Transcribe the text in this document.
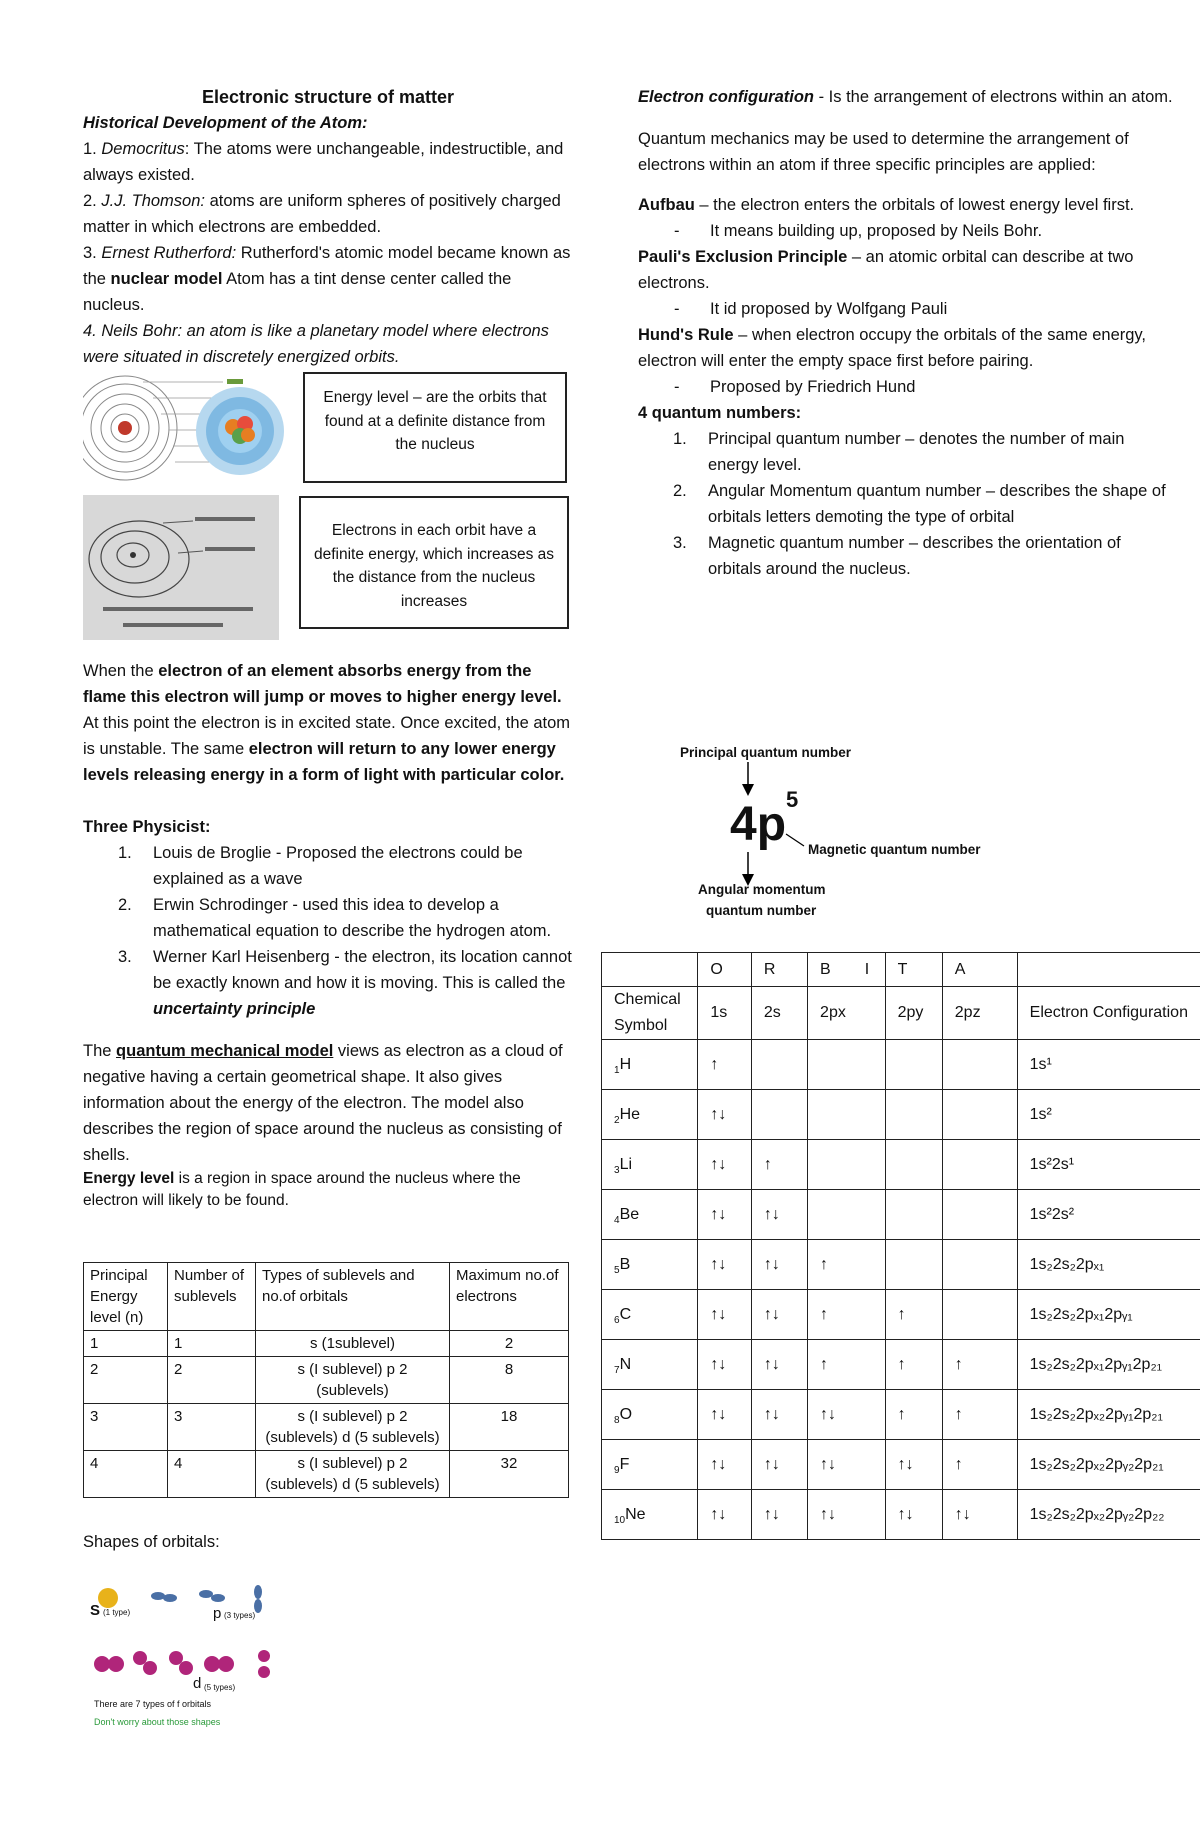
Electronic structure of matter

Historical Development of the Atom:

1. Democritus: The atoms were unchangeable, indestructible, and always existed.

2. J.J. Thomson: atoms are uniform spheres of positively charged matter in which electrons are embedded.

3. Ernest Rutherford: Rutherford's atomic model became known as the nuclear model Atom has a tint dense center called the nucleus.

4. Neils Bohr: an atom is like a planetary model where electrons were situated in discretely energized orbits.

Energy level – are the orbits that found at a definite distance from the nucleus
Electrons in each orbit have a definite energy, which increases as the distance from the nucleus increases

When the electron of an element absorbs energy from the flame this electron will jump or moves to higher energy level. At this point the electron is in excited state. Once excited, the atom is unstable. The same electron will return to any lower energy levels releasing energy in a form of light with particular color.

Three Physicist:

1.	Louis de Broglie - Proposed the electrons could be explained as a wave
2.	Erwin Schrodinger - used this idea to develop a mathematical equation to describe the hydrogen atom.
3.	Werner Karl Heisenberg - the electron, its location cannot be exactly known and how it is moving. This is called the uncertainty principle

The quantum mechanical model views as electron as a cloud of negative having a certain geometrical shape. It also gives information about the energy of the electron. The model also describes the region of space around the nucleus as consisting of shells.

Energy level is a region in space around the nucleus where the electron will likely to be found.

Principal Energy level (n)	Number of sublevels	Types of sublevels and no.of orbitals	Maximum no.of electrons
1	1	s (1sublevel)	2
2	2	s (I sublevel) p 2 (sublevels)	8
3	3	s (I sublevel) p 2 (sublevels) d (5 sublevels)	18
4	4	s (I sublevel) p 2 (sublevels) d (5 sublevels)	32

Shapes of orbitals:

S (1 type)	p (3 types)
d (5 types)
There are 7 types of f orbitals
Don't worry about those shapes

Electron configuration - Is the arrangement of electrons within an atom.

Quantum mechanics may be used to determine the arrangement of electrons within an atom if three specific principles are applied:

Aufbau – the electron enters the orbitals of lowest energy level first.

-	It means building up, proposed by Neils Bohr.

Pauli's Exclusion Principle – an atomic orbital can describe at two electrons.

-	It id proposed by Wolfgang Pauli

Hund's Rule – when electron occupy the orbitals of the same energy, electron will enter the empty space first before pairing.

-	Proposed by Friedrich Hund

4 quantum numbers:

1.	Principal quantum number – denotes the number of main energy level.
2.	Angular Momentum quantum number – describes the shape of orbitals letters demoting the type of orbital
3.	Magnetic quantum number – describes the orientation of orbitals around the nucleus.
Principal quantum number
4p 5
Magnetic quantum number
Angular momentum
quantum number
	O	R	B I	T	A	
Chemical Symbol	1s	2s	2px	2py	2pz	Electron Configuration
$_1$H	↑					1s¹
$_2$He	↑↓					1s²
$_3$Li	↑↓	↑				1s²2s¹
$_4$Be	↑↓	↑↓				1s²2s²
$_5$B	↑↓	↑↓	↑			1s₂2s₂2pₓ₁
$_6$C	↑↓	↑↓	↑	↑		1s₂2s₂2pₓ₁2pᵧ₁
$_7$N	↑↓	↑↓	↑	↑	↑	1s₂2s₂2pₓ₁2pᵧ₁2p₂₁
$_8$O	↑↓	↑↓	↑↓	↑	↑	1s₂2s₂2pₓ₂2pᵧ₁2p₂₁
$_9$F	↑↓	↑↓	↑↓	↑↓	↑	1s₂2s₂2pₓ₂2pᵧ₂2p₂₁
$_{10}$Ne	↑↓	↑↓	↑↓	↑↓	↑↓	1s₂2s₂2pₓ₂2pᵧ₂2p₂₂
